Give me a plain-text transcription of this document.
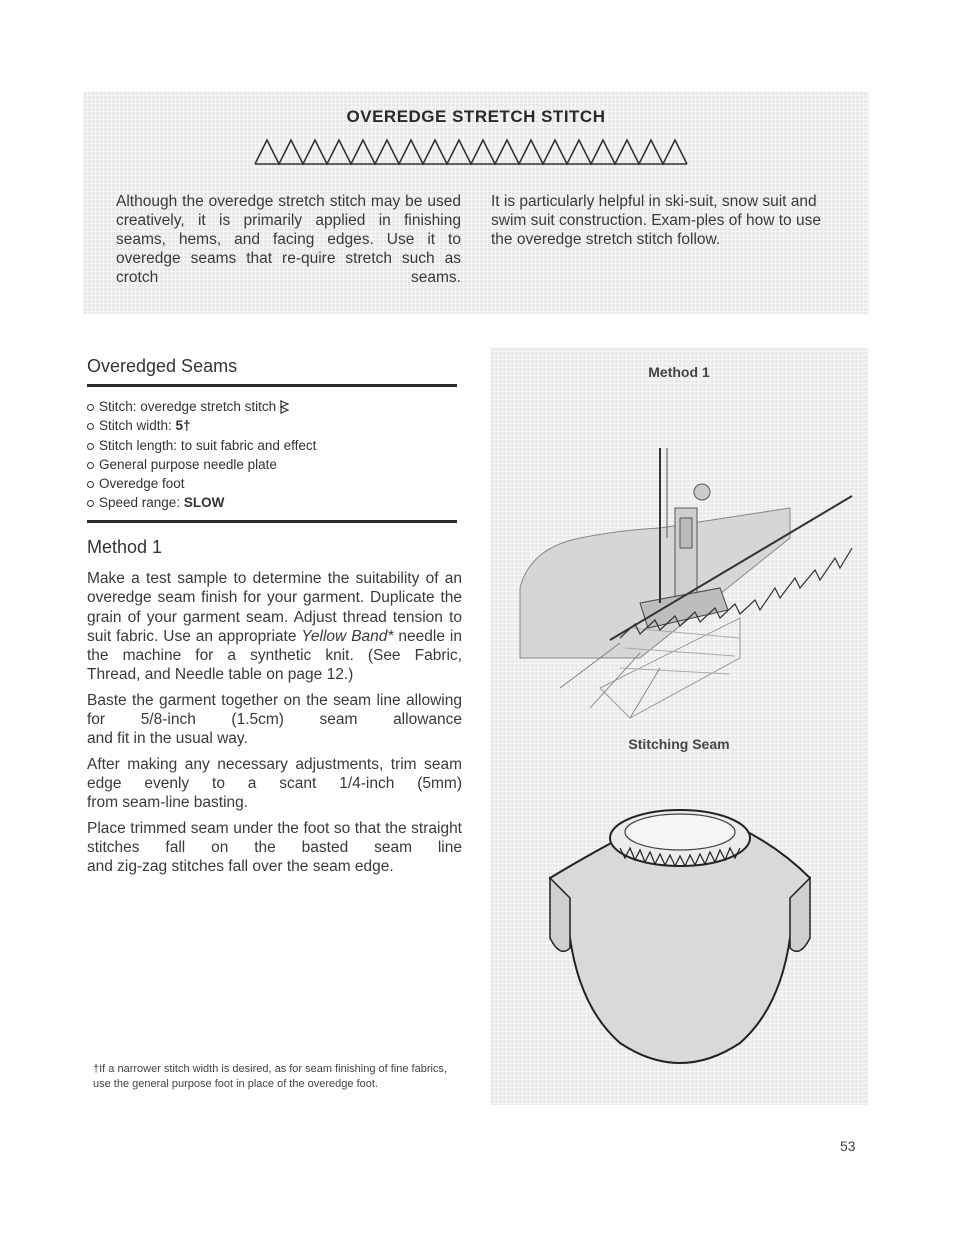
OVEREDGE STRETCH STITCH
Although the overedge stretch stitch may be used creatively, it is primarily applied in finishing seams, hems, and facing edges. Use it to overedge seams that re-quire stretch such as crotch seams.
It is particularly helpful in ski-suit, snow suit and swim suit construction. Exam-ples of how to use the overedge stretch stitch follow.
Overedged Seams
Stitch: overedge stretch stitch
Stitch width: 5†
Stitch length: to suit fabric and effect
General purpose needle plate
Overedge foot
Speed range: SLOW
Method 1

Make a test sample to determine the suitability of an overedge seam finish for your garment. Duplicate the grain of your garment seam. Adjust thread tension to suit fabric. Use an appropriate Yellow Band* needle in the machine for a synthetic knit. (See Fabric,
Thread, and Needle table on page 12.)

Baste the garment together on the seam line allowing for 5/8-inch (1.5cm) seam allowance
and fit in the usual way.

After making any necessary adjustments, trim seam edge evenly to a scant 1/4-inch (5mm)
from seam-line basting.

Place trimmed seam under the foot so that the straight stitches fall on the basted seam line
and zig-zag stitches fall over the seam edge.

†If a narrower stitch width is desired, as for seam finishing of fine fabrics, use the general purpose foot in place of the overedge foot.
Method 1
Stitching Seam
53
